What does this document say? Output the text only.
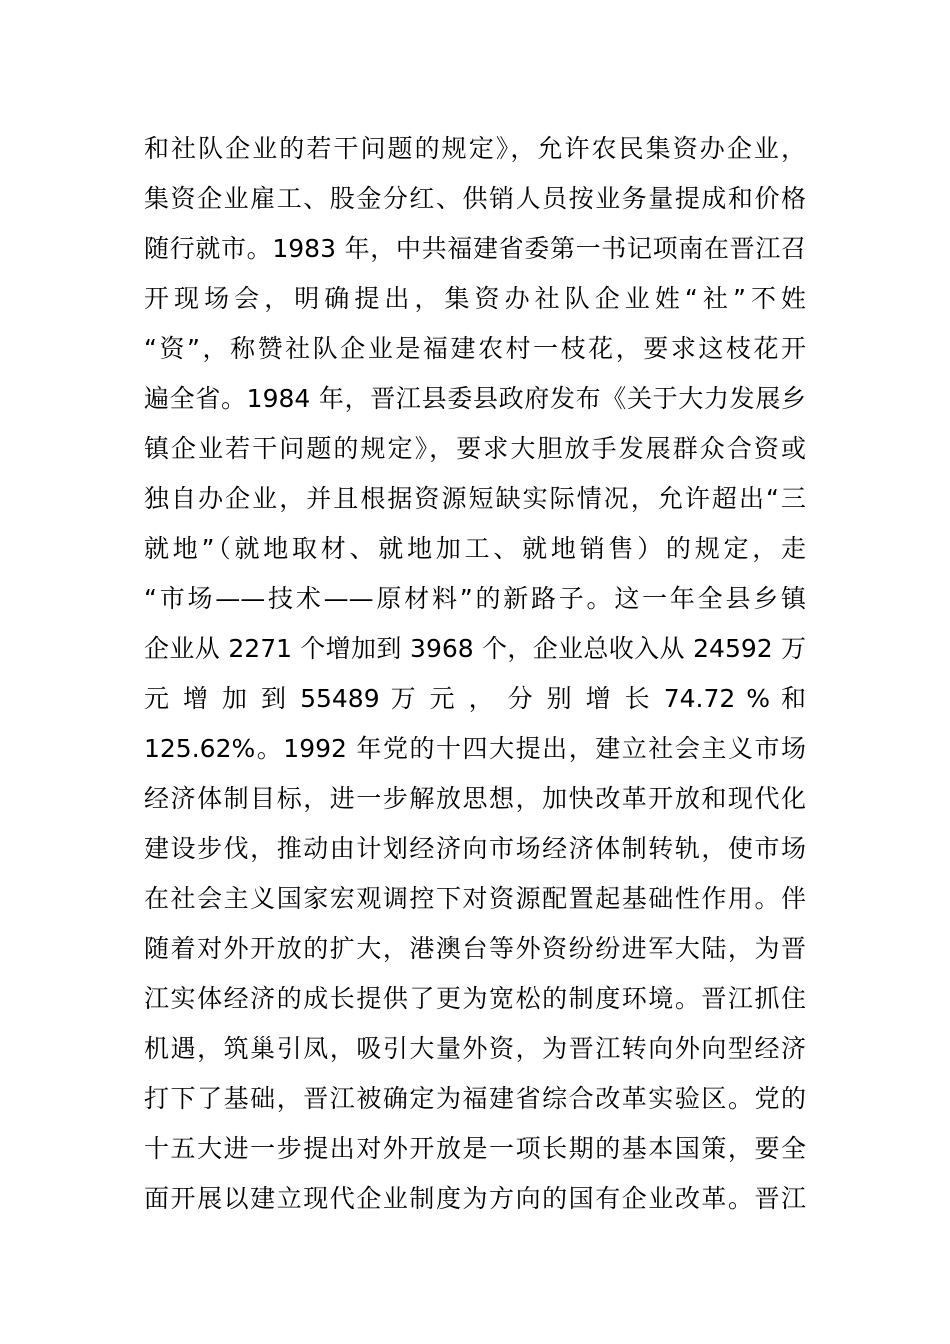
和社队企业的若干问题的规定》，允许农民集资办企业，
集资企业雇工、股金分红、供销人员按业务量提成和价格
随行就市。1983 年，中共福建省委第一书记项南在晋江召
开现场会，明确提出，集资办社队企业姓“社”不姓
“资”，称赞社队企业是福建农村一枝花，要求这枝花开
遍全省。1984 年，晋江县委县政府发布《关于大力发展乡
镇企业若干问题的规定》，要求大胆放手发展群众合资或
独自办企业，并且根据资源短缺实际情况，允许超出“三
就地”（就地取材、就地加工、就地销售）的规定，走
“市场——技术——原材料”的新路子。这一年全县乡镇
企业从 2271 个增加到 3968 个，企业总收入从 24592 万
元 增 加 到 55489 万 元 ， 分 别 增 长 74.72 % 和
125.62%。1992 年党的十四大提出，建立社会主义市场
经济体制目标，进一步解放思想，加快改革开放和现代化
建设步伐，推动由计划经济向市场经济体制转轨，使市场
在社会主义国家宏观调控下对资源配置起基础性作用。伴
随着对外开放的扩大，港澳台等外资纷纷进军大陆，为晋
江实体经济的成长提供了更为宽松的制度环境。晋江抓住
机遇，筑巢引凤，吸引大量外资，为晋江转向外向型经济
打下了基础，晋江被确定为福建省综合改革实验区。党的
十五大进一步提出对外开放是一项长期的基本国策，要全
面开展以建立现代企业制度为方向的国有企业改革。晋江
